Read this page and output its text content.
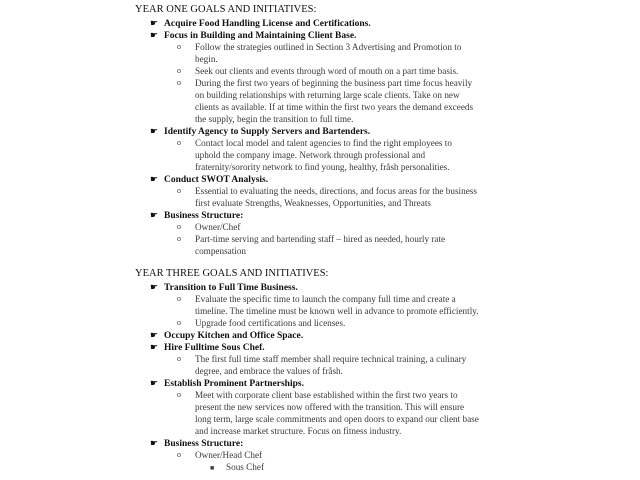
YEAR ONE GOALS AND INITIATIVES:
☛ Acquire Food Handling License and Certifications.
☛ Focus in Building and Maintaining Client Base.
o Follow the strategies outlined in Section 3 Advertising and Promotion to
begin.
o Seek out clients and events through word of mouth on a part time basis.
o During the first two years of beginning the business part time focus heavily
on building relationships with returning large scale clients. Take on new
clients as available. If at time within the first two years the demand exceeds
the supply, begin the transition to full time.
☛ Identify Agency to Supply Servers and Bartenders.
o Contact local model and talent agencies to find the right employees to
uphold the company image. Network through professional and
fraternity/sorority network to find young, healthy, fråsh personalities.
☛ Conduct SWOT Analysis.
o Essential to evaluating the needs, directions, and focus areas for the business
first evaluate Strengths, Weaknesses, Opportunities, and Threats
☛ Business Structure:
o Owner/Chef
o Part-time serving and bartending staff – hired as needed, hourly rate
compensation
YEAR THREE GOALS AND INITIATIVES:
☛ Transition to Full Time Business.
o Evaluate the specific time to launch the company full time and create a
timeline. The timeline must be known well in advance to promote efficiently.
o Upgrade food certifications and licenses.
☛ Occupy Kitchen and Office Space.
☛ Hire Fulltime Sous Chef.
o The first full time staff member shall require technical training, a culinary
degree, and embrace the values of fråsh.
☛ Establish Prominent Partnerships.
o Meet with corporate client base established within the first two years to
present the new services now offered with the transition. This will ensure
long term, large scale commitments and open doors to expand our client base
and increase market structure. Focus on fitness industry.
☛ Business Structure:
o Owner/Head Chef
■ Sous Chef
